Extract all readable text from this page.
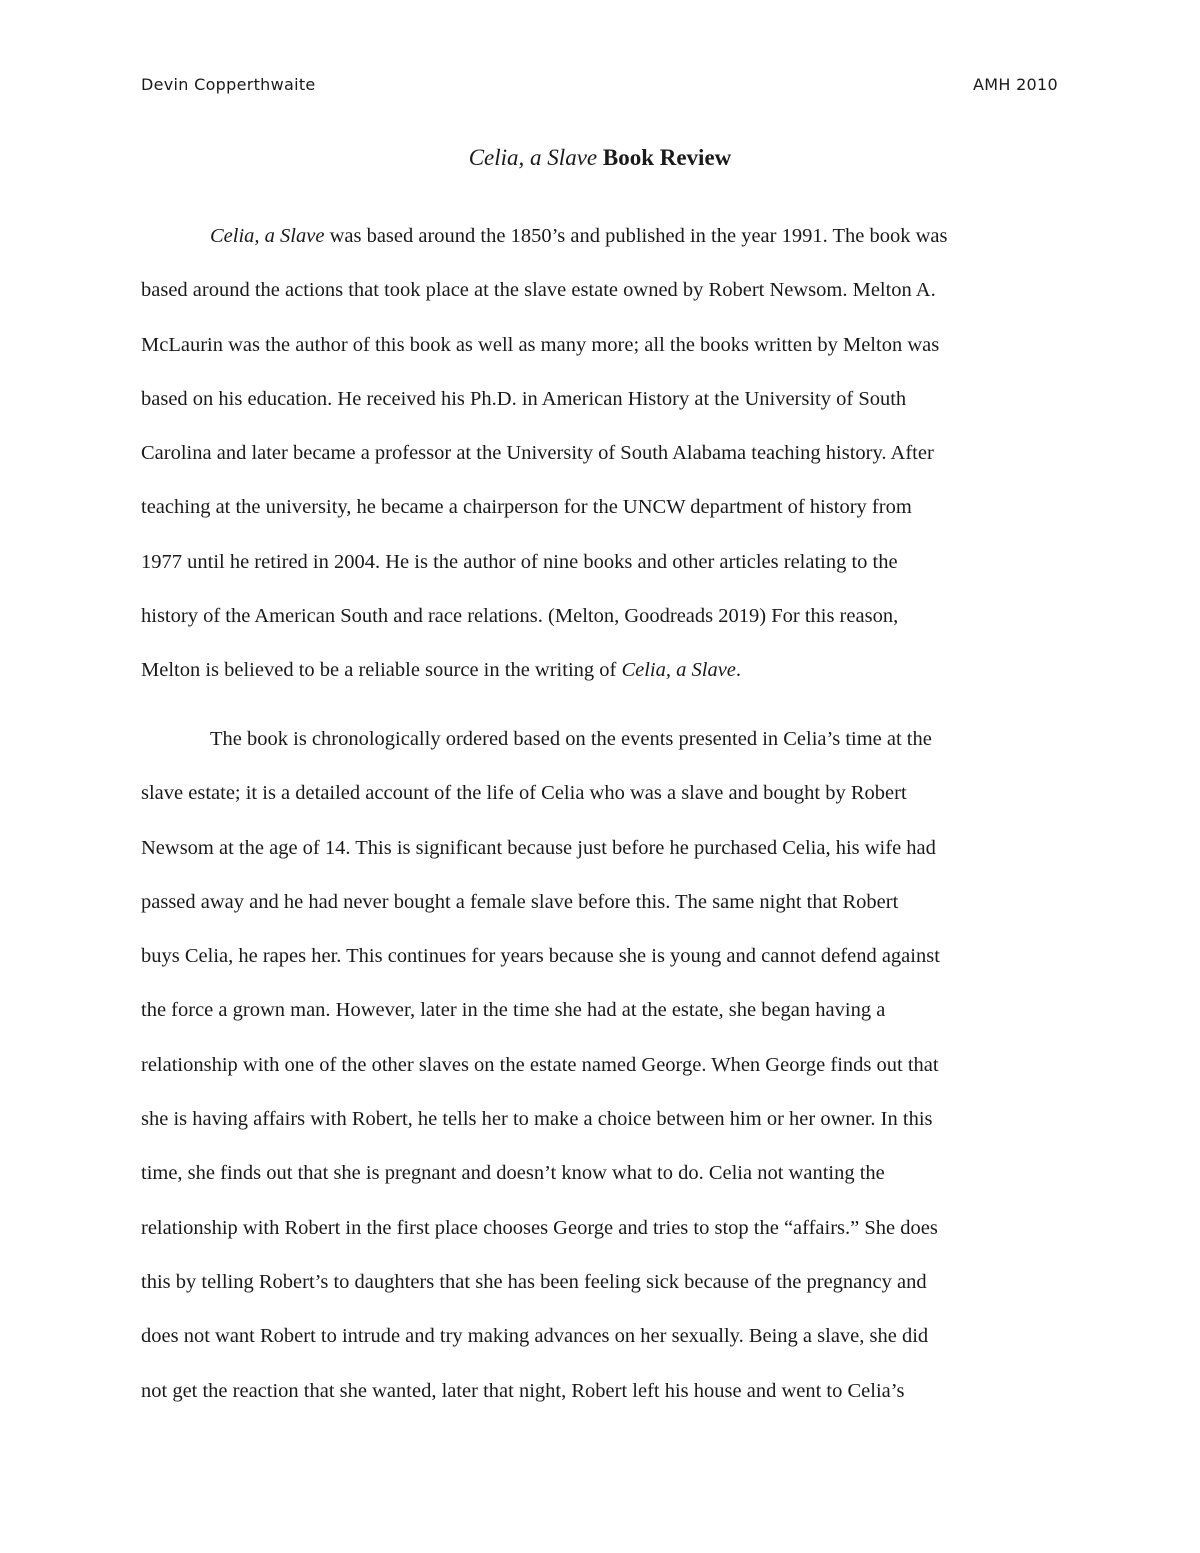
Devin Copperthwaite	AMH 2010
Celia, a Slave Book Review
Celia, a Slave was based around the 1850’s and published in the year 1991. The book was
based around the actions that took place at the slave estate owned by Robert Newsom. Melton A.
McLaurin was the author of this book as well as many more; all the books written by Melton was
based on his education. He received his Ph.D. in American History at the University of South
Carolina and later became a professor at the University of South Alabama teaching history. After
teaching at the university, he became a chairperson for the UNCW department of history from
1977 until he retired in 2004. He is the author of nine books and other articles relating to the
history of the American South and race relations. (Melton, Goodreads 2019) For this reason,
Melton is believed to be a reliable source in the writing of Celia, a Slave.
The book is chronologically ordered based on the events presented in Celia’s time at the
slave estate; it is a detailed account of the life of Celia who was a slave and bought by Robert
Newsom at the age of 14. This is significant because just before he purchased Celia, his wife had
passed away and he had never bought a female slave before this. The same night that Robert
buys Celia, he rapes her. This continues for years because she is young and cannot defend against
the force a grown man. However, later in the time she had at the estate, she began having a
relationship with one of the other slaves on the estate named George. When George finds out that
she is having affairs with Robert, he tells her to make a choice between him or her owner. In this
time, she finds out that she is pregnant and doesn’t know what to do. Celia not wanting the
relationship with Robert in the first place chooses George and tries to stop the “affairs.” She does
this by telling Robert’s to daughters that she has been feeling sick because of the pregnancy and
does not want Robert to intrude and try making advances on her sexually. Being a slave, she did
not get the reaction that she wanted, later that night, Robert left his house and went to Celia’s
